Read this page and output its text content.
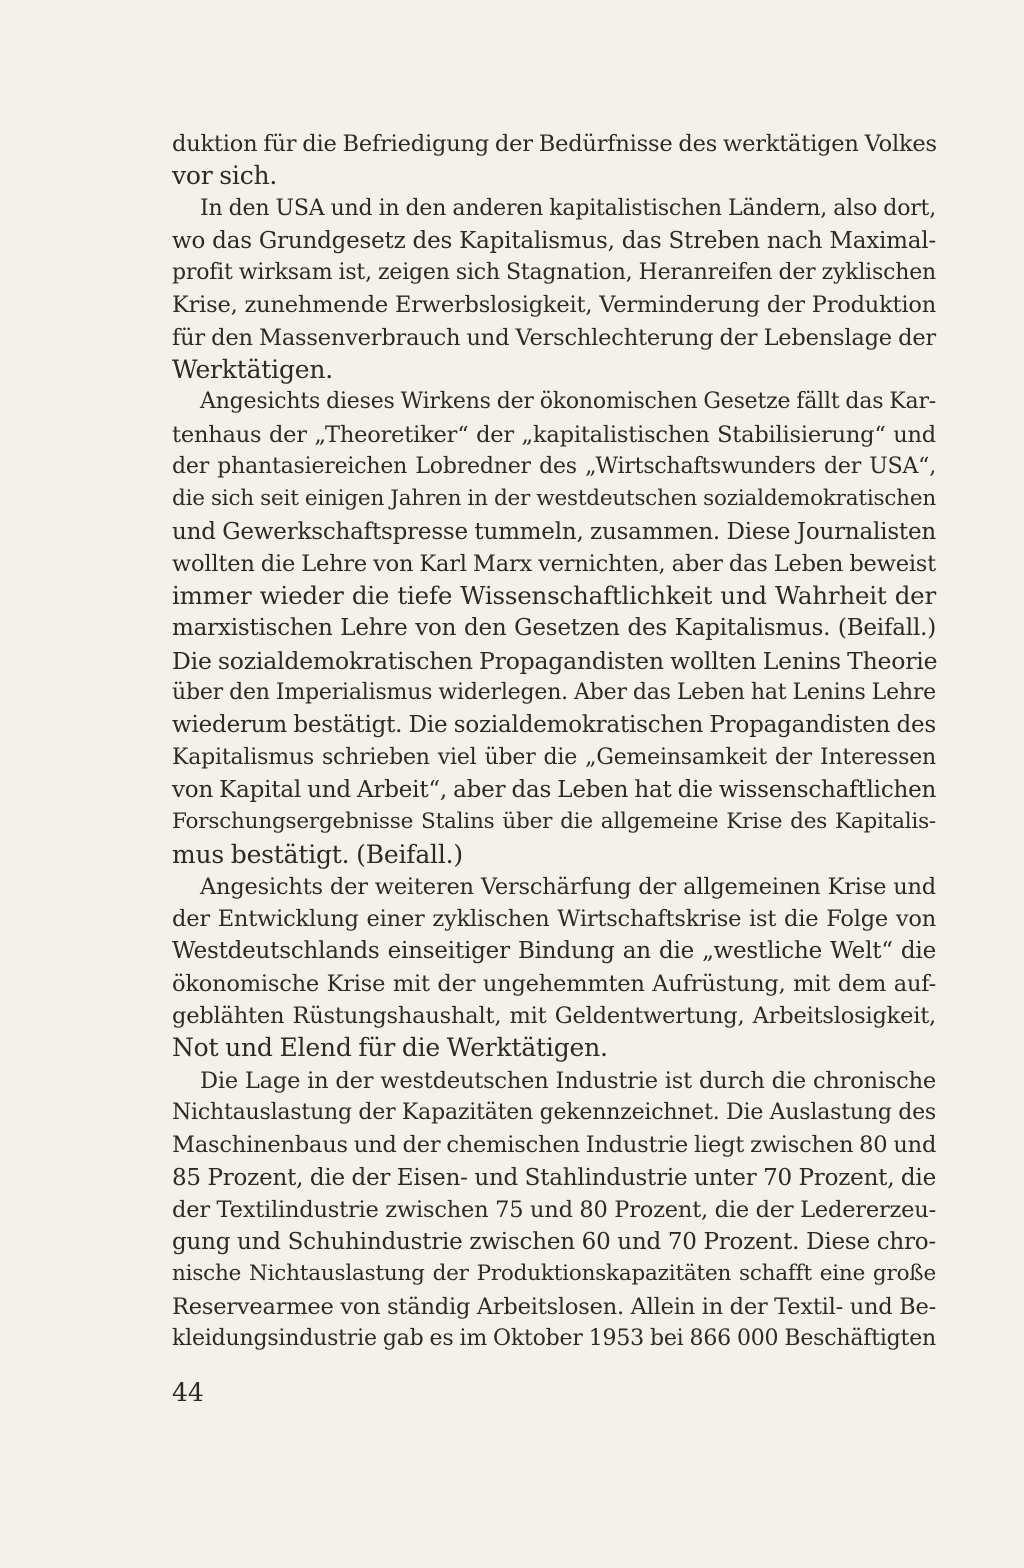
duktion für die Befriedigung der Bedürfnisse des werktätigen Volkes
vor sich.
In den USA und in den anderen kapitalistischen Ländern, also dort,
wo das Grundgesetz des Kapitalismus, das Streben nach Maximal-
profit wirksam ist, zeigen sich Stagnation, Heranreifen der zyklischen
Krise, zunehmende Erwerbslosigkeit, Verminderung der Produktion
für den Massenverbrauch und Verschlechterung der Lebenslage der
Werktätigen.
Angesichts dieses Wirkens der ökonomischen Gesetze fällt das Kar-
tenhaus der „Theoretiker“ der „kapitalistischen Stabilisierung“ und
der phantasiereichen Lobredner des „Wirtschaftswunders der USA“,
die sich seit einigen Jahren in der westdeutschen sozialdemokratischen
und Gewerkschaftspresse tummeln, zusammen. Diese Journalisten
wollten die Lehre von Karl Marx vernichten, aber das Leben beweist
immer wieder die tiefe Wissenschaftlichkeit und Wahrheit der
marxistischen Lehre von den Gesetzen des Kapitalismus. (Beifall.)
Die sozialdemokratischen Propagandisten wollten Lenins Theorie
über den Imperialismus widerlegen. Aber das Leben hat Lenins Lehre
wiederum bestätigt. Die sozialdemokratischen Propagandisten des
Kapitalismus schrieben viel über die „Gemeinsamkeit der Interessen
von Kapital und Arbeit“, aber das Leben hat die wissenschaftlichen
Forschungsergebnisse Stalins über die allgemeine Krise des Kapitalis-
mus bestätigt. (Beifall.)
Angesichts der weiteren Verschärfung der allgemeinen Krise und
der Entwicklung einer zyklischen Wirtschaftskrise ist die Folge von
Westdeutschlands einseitiger Bindung an die „westliche Welt“ die
ökonomische Krise mit der ungehemmten Aufrüstung, mit dem auf-
geblähten Rüstungshaushalt, mit Geldentwertung, Arbeitslosigkeit,
Not und Elend für die Werktätigen.
Die Lage in der westdeutschen Industrie ist durch die chronische
Nichtauslastung der Kapazitäten gekennzeichnet. Die Auslastung des
Maschinenbaus und der chemischen Industrie liegt zwischen 80 und
85 Prozent, die der Eisen- und Stahlindustrie unter 70 Prozent, die
der Textilindustrie zwischen 75 und 80 Prozent, die der Ledererzeu-
gung und Schuhindustrie zwischen 60 und 70 Prozent. Diese chro-
nische Nichtauslastung der Produktionskapazitäten schafft eine große
Reservearmee von ständig Arbeitslosen. Allein in der Textil- und Be-
kleidungsindustrie gab es im Oktober 1953 bei 866 000 Beschäftigten
44
